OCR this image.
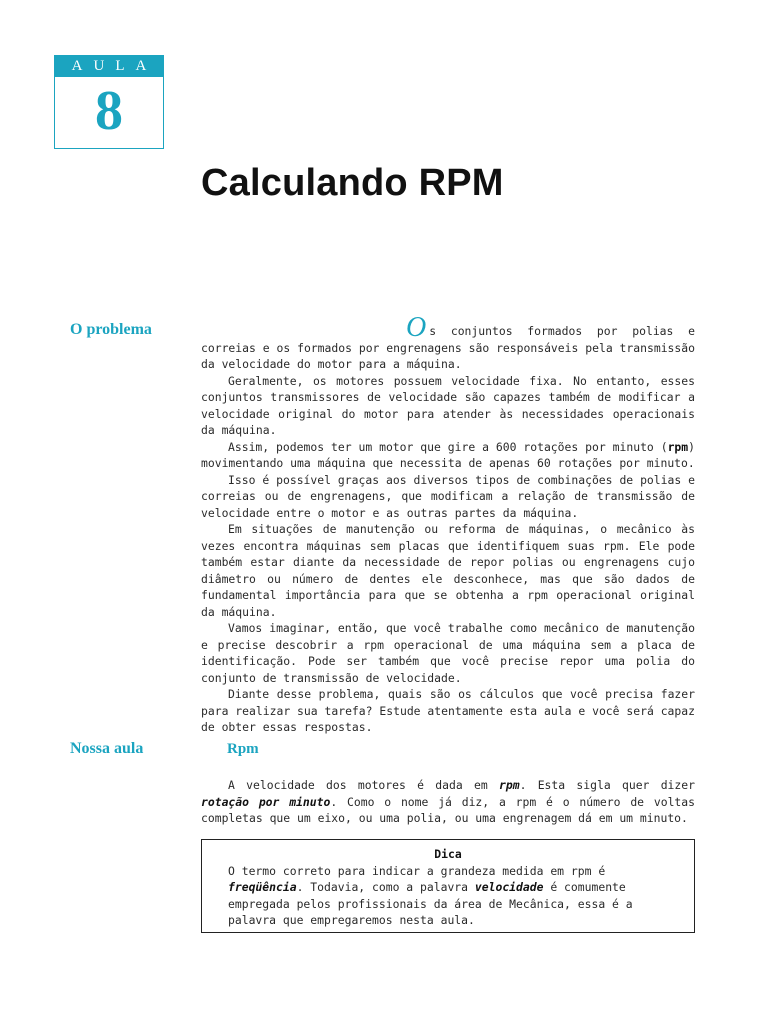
AULA
8
Calculando RPM
O problema	Os conjuntos formados por polias e correias e os formados por engrenagens são responsáveis pela transmissão da velocidade do motor para a máquina.

Geralmente, os motores possuem velocidade fixa. No entanto, esses conjuntos transmissores de velocidade são capazes também de modificar a velocidade original do motor para atender às necessidades operacionais da máquina.

Assim, podemos ter um motor que gire a 600 rotações por minuto (rpm) movimentando uma máquina que necessita de apenas 60 rotações por minuto.

Isso é possível graças aos diversos tipos de combinações de polias e correias ou de engrenagens, que modificam a relação de transmissão de velocidade entre o motor e as outras partes da máquina.

Em situações de manutenção ou reforma de máquinas, o mecânico às vezes encontra máquinas sem placas que identifiquem suas rpm. Ele pode também estar diante da necessidade de repor polias ou engrenagens cujo diâmetro ou número de dentes ele desconhece, mas que são dados de fundamental importância para que se obtenha a rpm operacional original da máquina.

Vamos imaginar, então, que você trabalhe como mecânico de manutenção e precise descobrir a rpm operacional de uma máquina sem a placa de identificação. Pode ser também que você precise repor uma polia do conjunto de transmissão de velocidade.

Diante desse problema, quais são os cálculos que você precisa fazer para realizar sua tarefa? Estude atentamente esta aula e você será capaz de obter essas respostas.

Nossa aula	Rpm

A velocidade dos motores é dada em rpm. Esta sigla quer dizer rotação por minuto. Como o nome já diz, a rpm é o número de voltas completas que um eixo, ou uma polia, ou uma engrenagem dá em um minuto.

Dica
O termo correto para indicar a grandeza medida em rpm é freqüência. Todavia, como a palavra velocidade é comumente empregada pelos profissionais da área de Mecânica, essa é a palavra que empregaremos nesta aula.
